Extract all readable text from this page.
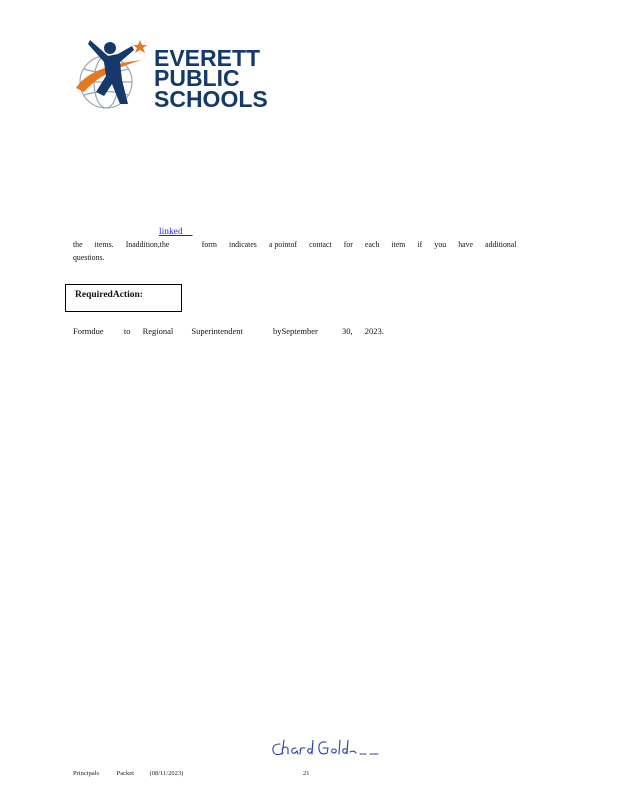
EVERETT
PUBLIC
SCHOOLS
linked
the items. Inaddition,the	form indicates a pointof contact for each item if you have additional
questions.
RequiredAction:
Formdue to Regional Superintendent	bySeptember	30, 2023.
Principals	Packet (08/11/2023)	21
